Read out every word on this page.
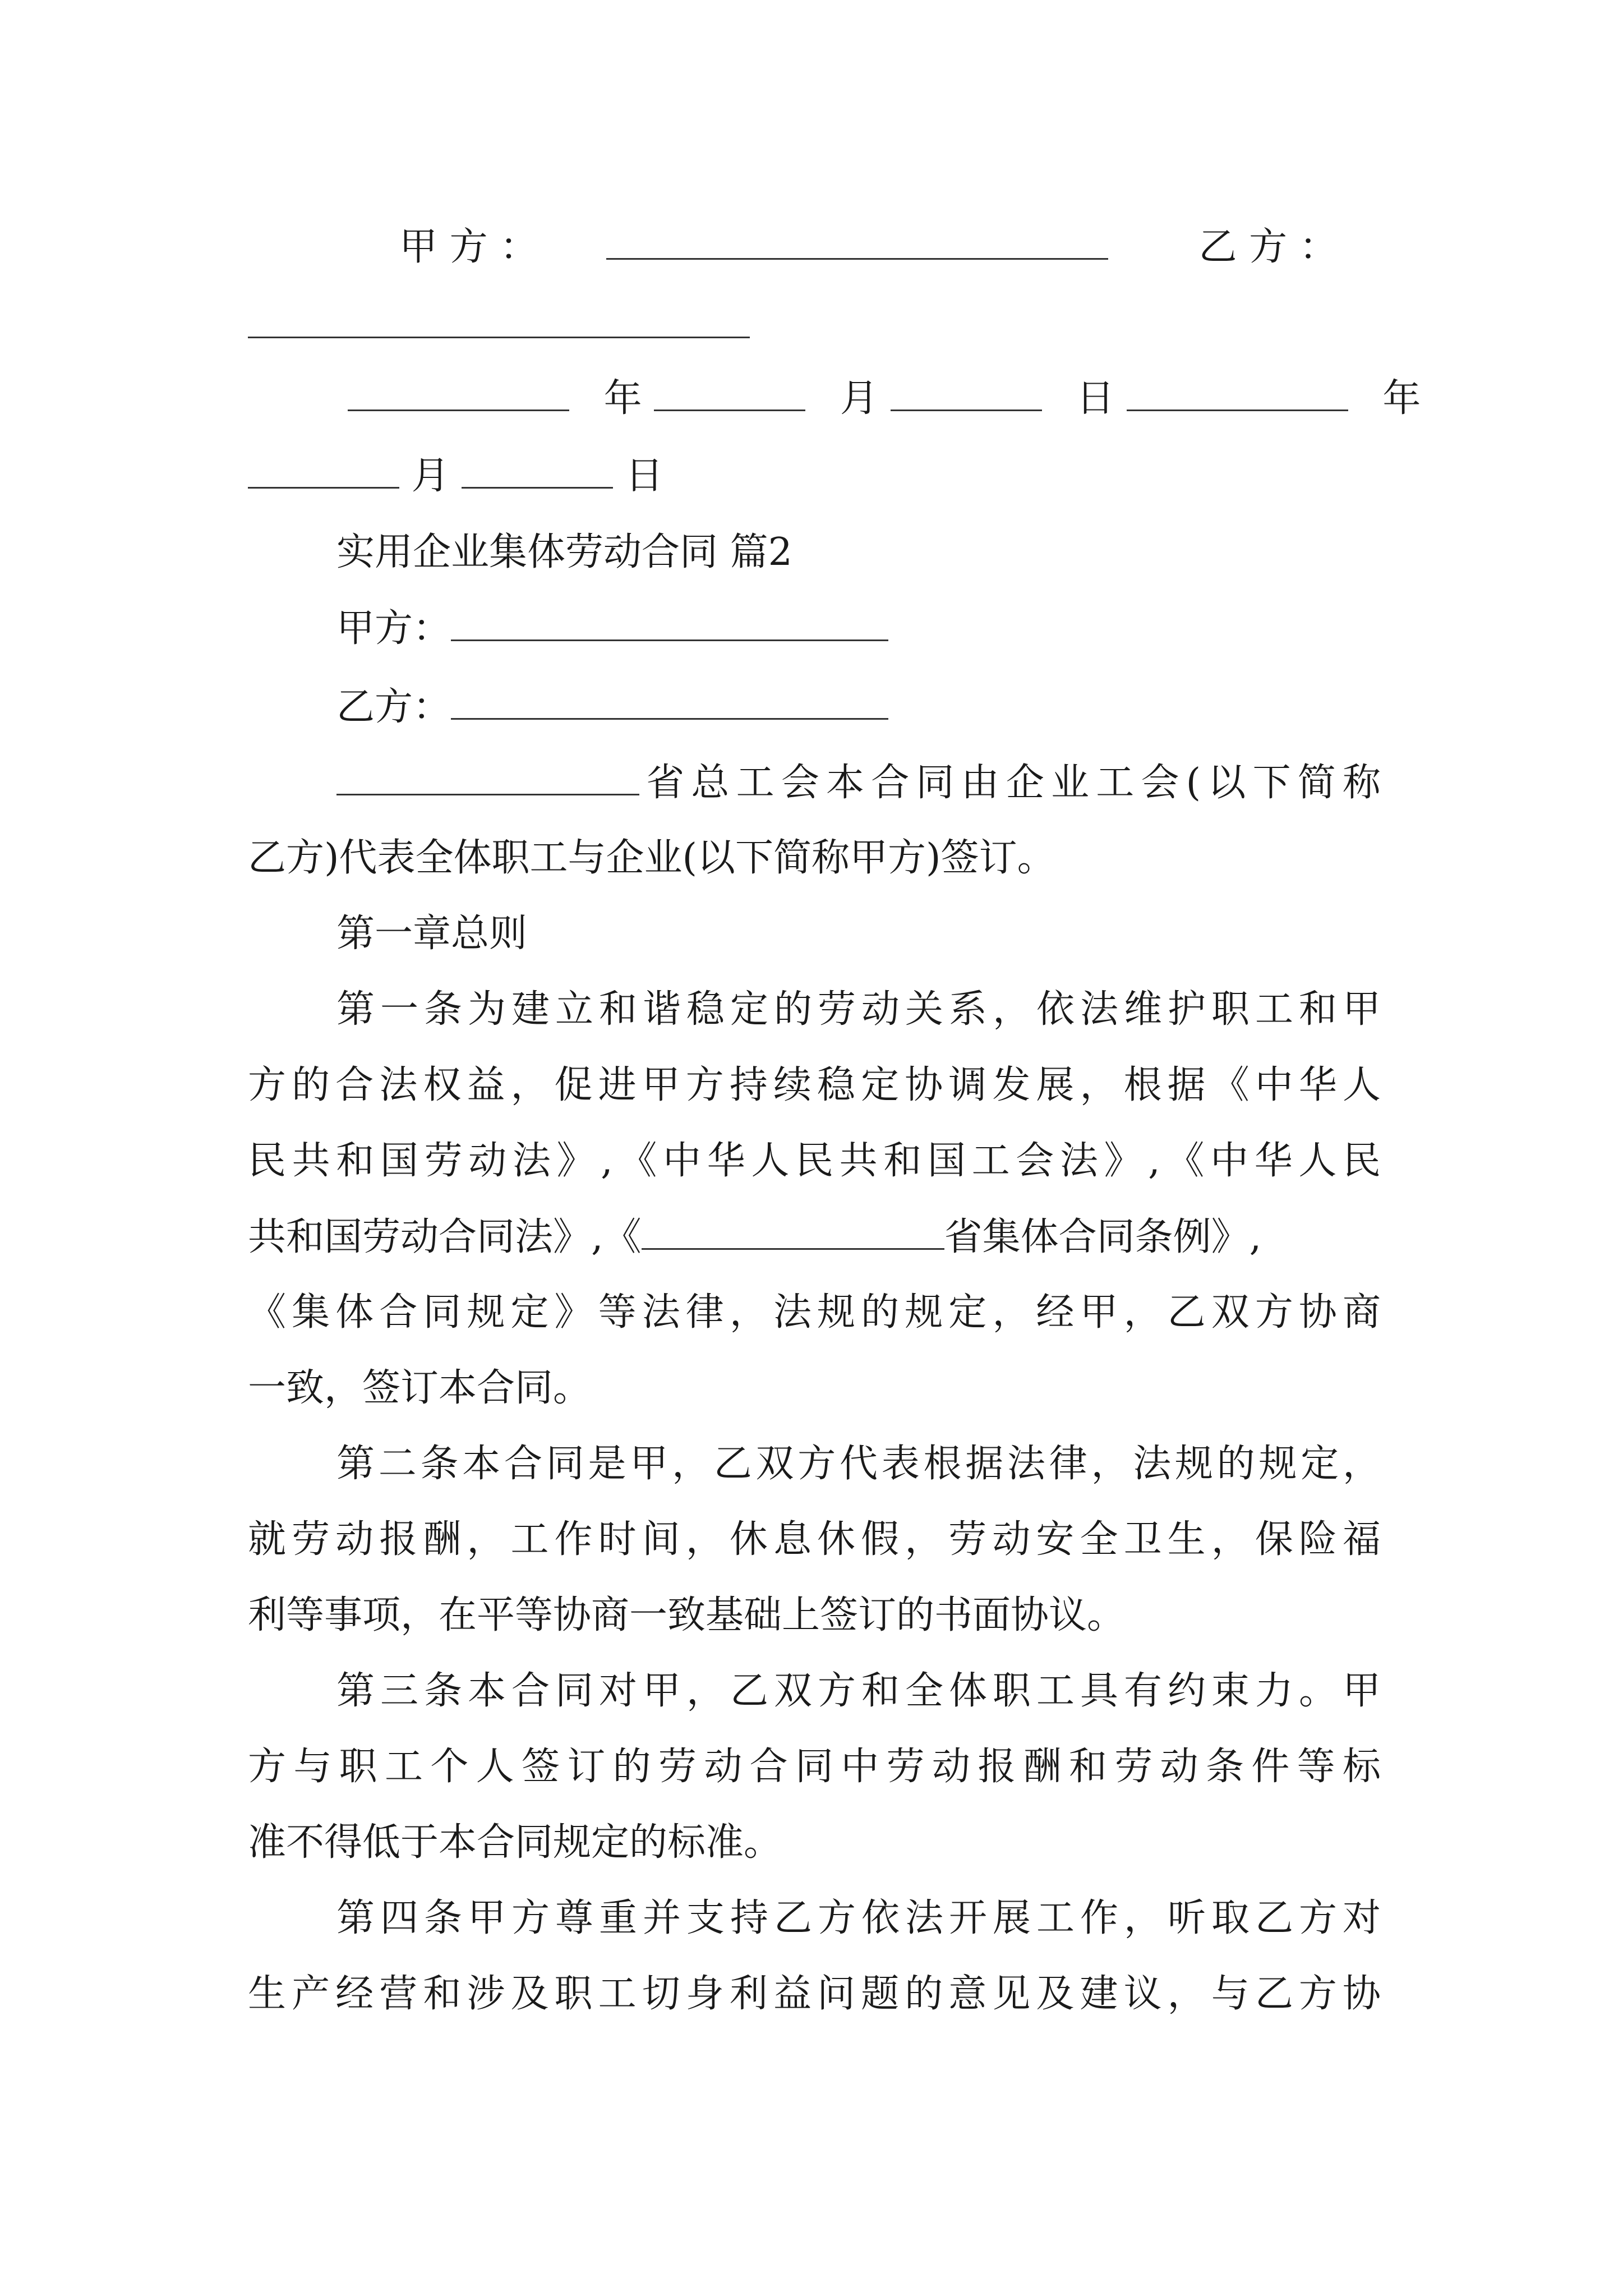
甲 方 ：	乙 方 ：
年	月	日	年
月	日
实用企业集体劳动合同 篇2
甲方：
乙方：
省总工会本合同由企业工会(以下简称
乙方)代表全体职工与企业(以下简称甲方)签订。
第一章总则
第一条为建立和谐稳定的劳动关系，依法维护职工和甲
方的合法权益，促进甲方持续稳定协调发展，根据《中华人
民共和国劳动法》,《中华人民共和国工会法》,《中华人民
共和国劳动合同法》,《	省集体合同条例》,
《集体合同规定》等法律，法规的规定，经甲，乙双方协商
一致，签订本合同。
第二条本合同是甲，乙双方代表根据法律，法规的规定，
就劳动报酬，工作时间，休息休假，劳动安全卫生，保险福
利等事项，在平等协商一致基础上签订的书面协议。
第三条本合同对甲，乙双方和全体职工具有约束力。甲
方与职工个人签订的劳动合同中劳动报酬和劳动条件等标
准不得低于本合同规定的标准。
第四条甲方尊重并支持乙方依法开展工作，听取乙方对
生产经营和涉及职工切身利益问题的意见及建议，与乙方协
